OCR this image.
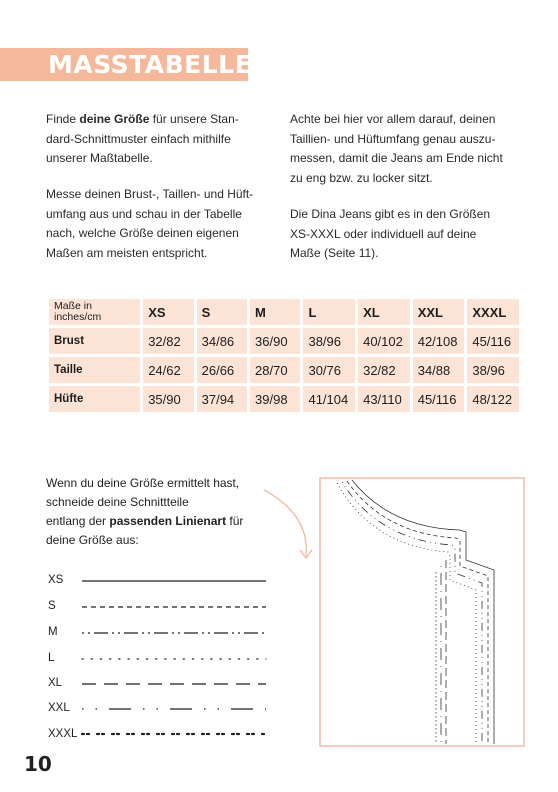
MASSTABELLE
Finde deine Größe für unsere Stan-
dard-Schnittmuster einfach mithilfe
unserer Maßtabelle.
Messe deinen Brust-, Taillen- und Hüft-
umfang aus und schau in der Tabelle
nach, welche Größe deinen eigenen
Maßen am meisten entspricht.
Achte bei hier vor allem darauf, deinen
Taillien- und Hüftumfang genau auszu-
messen, damit die Jeans am Ende nicht
zu eng bzw. zu locker sitzt.
Die Dina Jeans gibt es in den Größen
XS-XXXL oder individuell auf deine
Maße (Seite 11).
Maße in
inches/cm	XS	S	M	L	XL	XXL	XXXL
Brust	32/82	34/86	36/90	38/96	40/102	42/108	45/116
Taille	24/62	26/66	28/70	30/76	32/82	34/88	38/96
Hüfte	35/90	37/94	39/98	41/104	43/110	45/116	48/122
Wenn du deine Größe ermittelt hast,
schneide deine Schnittteile
entlang der passenden Linienart für
deine Größe aus:
XS
S
M
L
XL
XXL
XXXL
10
